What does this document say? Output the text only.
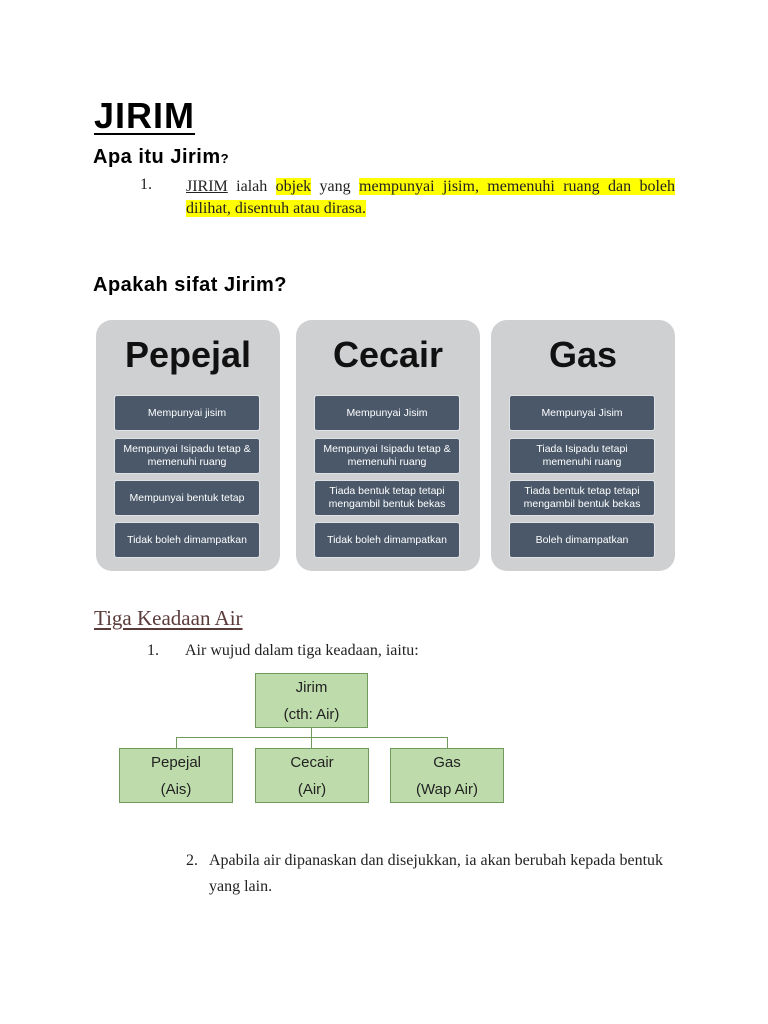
JIRIM
Apa itu Jirim?
1. JIRIM ialah objek yang mempunyai jisim, memenuhi ruang dan boleh dilihat, disentuh atau dirasa.
Apakah sifat Jirim?
Pepejal
Mempunyai jisim
Mempunyai Isipadu tetap & memenuhi ruang
Mempunyai bentuk tetap
Tidak boleh dimampatkan
Cecair
Mempunyai Jisim
Mempunyai Isipadu tetap & memenuhi ruang
Tiada bentuk tetap tetapi mengambil bentuk bekas
Tidak boleh dimampatkan
Gas
Mempunyai Jisim
Tiada Isipadu tetapi memenuhi ruang
Tiada bentuk tetap tetapi mengambil bentuk bekas
Boleh dimampatkan
Tiga Keadaan Air
1. Air wujud dalam tiga keadaan, iaitu:
Jirim
(cth: Air)
Pepejal
(Ais)
Cecair
(Air)
Gas
(Wap Air)
2. Apabila air dipanaskan dan disejukkan, ia akan berubah kepada bentuk yang lain.
